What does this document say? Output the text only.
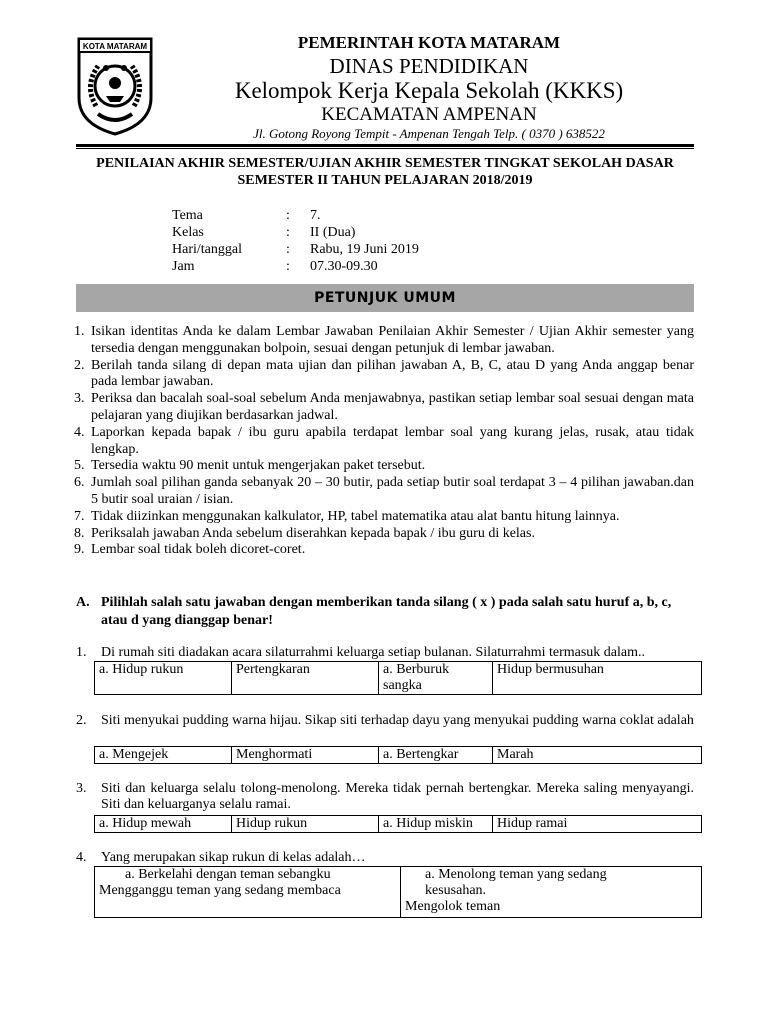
KOTA MATARAM	PEMERINTAH KOTA MATARAM
DINAS PENDIDIKAN
Kelompok Kerja Kepala Sekolah (KKKS)
KECAMATAN AMPENAN
Jl. Gotong Royong Tempit - Ampenan Tengah Telp. ( 0370 ) 638522
PENILAIAN AKHIR SEMESTER/UJIAN AKHIR SEMESTER TINGKAT SEKOLAH DASAR
SEMESTER II TAHUN PELAJARAN 2018/2019
Tema	: 7.
Kelas	: II (Dua)
Hari/tanggal	: Rabu, 19 Juni 2019
Jam	: 07.30-09.30
PETUNJUK UMUM
1. Isikan identitas Anda ke dalam Lembar Jawaban Penilaian Akhir Semester / Ujian Akhir semester yang tersedia dengan menggunakan bolpoin, sesuai dengan petunjuk di lembar jawaban.
2. Berilah tanda silang di depan mata ujian dan pilihan jawaban A, B, C, atau D yang Anda anggap benar pada lembar jawaban.
3. Periksa dan bacalah soal-soal sebelum Anda menjawabnya, pastikan setiap lembar soal sesuai dengan mata pelajaran yang diujikan berdasarkan jadwal.
4. Laporkan kepada bapak / ibu guru apabila terdapat lembar soal yang kurang jelas, rusak, atau tidak lengkap.
5. Tersedia waktu 90 menit untuk mengerjakan paket tersebut.
6. Jumlah soal pilihan ganda sebanyak 20 – 30 butir, pada setiap butir soal terdapat 3 – 4 pilihan jawaban.dan 5 butir soal uraian / isian.
7. Tidak diizinkan menggunakan kalkulator, HP, tabel matematika atau alat bantu hitung lainnya.
8. Periksalah jawaban Anda sebelum diserahkan kepada bapak / ibu guru di kelas.
9. Lembar soal tidak boleh dicoret-coret.
A. Pilihlah salah satu jawaban dengan memberikan tanda silang ( x ) pada salah satu huruf a, b, c, atau d yang dianggap benar!
1.	Di rumah siti diadakan acara silaturrahmi keluarga setiap bulanan. Silaturrahmi termasuk dalam..
a. Hidup rukun	Pertengkaran	a. Berburuk sangka	Hidup bermusuhan
2.	Siti menyukai pudding warna hijau. Sikap siti terhadap dayu yang menyukai pudding warna coklat adalah
a. Mengejek	Menghormati	a. Bertengkar	Marah
3.	Siti dan keluarga selalu tolong-menolong. Mereka tidak pernah bertengkar. Mereka saling menyayangi. Siti dan keluarganya selalu ramai.
a. Hidup mewah	Hidup rukun	a. Hidup miskin	Hidup ramai
4.	Yang merupakan sikap rukun di kelas adalah…
a. Berkelahi dengan teman sebangku
Mengganggu teman yang sedang membaca

a. Menolong teman yang sedang kesusahan.
Mengolok teman
